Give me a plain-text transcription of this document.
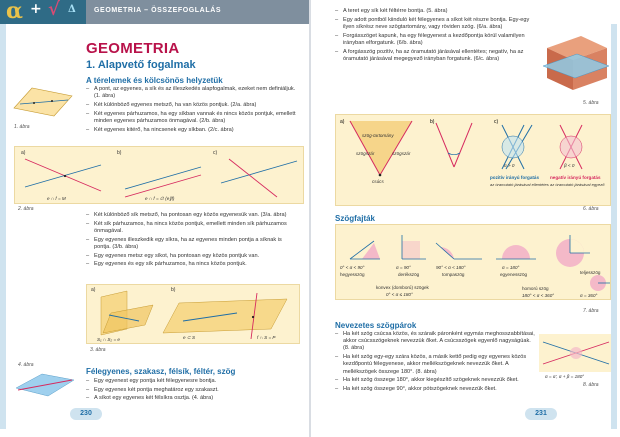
α + √ Δ	GEOMETRIA – ÖSSZEFOGLALÁS
GEOMETRIA
1. Alapvető fogalmak
A térelemek és kölcsönös helyzetük
1. ábra
– A pont, az egyenes, a sík és az illeszkedés alapfogalmak, ezeket nem definiáljuk. (1. ábra)
– Két különböző egyenes metsző, ha van közös pontjuk. (2/a. ábra)
– Két egyenes párhuzamos, ha egy síkban vannak és nincs közös pontjuk, emellett minden egyenes párhuzamos önmagával. (2/b. ábra)
– Két egyenes kitérő, ha nincsenek egy síkban. (2/c. ábra)
a)	b)	c)
e ∩ f = M	e ∩ f = ∅ (e∥f)
2. ábra
– Két különböző sík metsző, ha pontosan egy közös egyenesük van. (3/a. ábra)
– Két sík párhuzamos, ha nincs közös pontjuk, emellett minden sík párhuzamos önmagával.
– Egy egyenes illeszkedik egy síkra, ha az egyenes minden pontja a síknak is pontja. (3/b. ábra)
– Egy egyenes metsz egy síkot, ha pontosan egy közös pontjuk van.
– Egy egyenes és egy sík párhuzamos, ha nincs közös pontjuk.
a)	b)
S₁ ∩ S₂ = e	e ⊂ S	f ∩ S = P
3. ábra
4. ábra
Félegyenes, szakasz, félsík, féltér, szög
– Egy egyenest egy pontja két félegyenesre bontja.
– Egy egyenes két pontja meghatároz egy szakaszt.
– A síkot egy egyenes két félsíkra osztja. (4. ábra)
230
– A teret egy sík két féltérre bontja. (5. ábra)
– Egy adott pontból kiinduló két félegyenes a síkot két részre bontja. Egy-egy ilyen síkrész neve szögtartomány, vagy röviden szög. (6/a. ábra)
– Forgásszöget kapunk, ha egy félegyenest a kezdőpontja körül valamilyen irányban elforgatunk. (6/b. ábra)
– A forgásszög pozitív, ha az óramutató járásával ellentétes; negatív, ha az óramutató járásával megegyező irányban forgatunk. (6/c. ábra)
5. ábra
a)	b)	c)
szög-tartomány
szögszár	szögszár
csúcs
α > 0	β < 0
pozitív irányú forgatás
az óramutató járásával ellentétes
negatív irányú forgatás
az óramutató járásával egyező
6. ábra
Szögfajták
0° < α < 90°	α = 90°	90° < α < 180°	α = 180°
180° < α < 360°	α = 360°
hegyesszög	derékszög	tompaszög	egyenesszög
homorú szög
teljesszög
konvex (domború) szögek
0° < α ≤ 180°
7. ábra
Nevezetes szögpárok
– Ha két szög csúcsa közös, és száraik páronként egymás meghosszabbításai, akkor csúcsszögeknek nevezzük őket. A csúcsszögek egyenlő nagyságúak. (8. ábra)
– Ha két szög egy-egy szára közös, a másik kettő pedig egy egyenes közös kezdőpontú félegyenese, akkor mellékszögeknek nevezzük őket. A mellékszögek összege 180°. (8. ábra)
– Ha két szög összege 180°, akkor kiegészítő szögeknek nevezzük őket.
– Ha két szög összege 90°, akkor pótszögeknek nevezzük őket.
α = α', α + β = 180°
8. ábra
231
